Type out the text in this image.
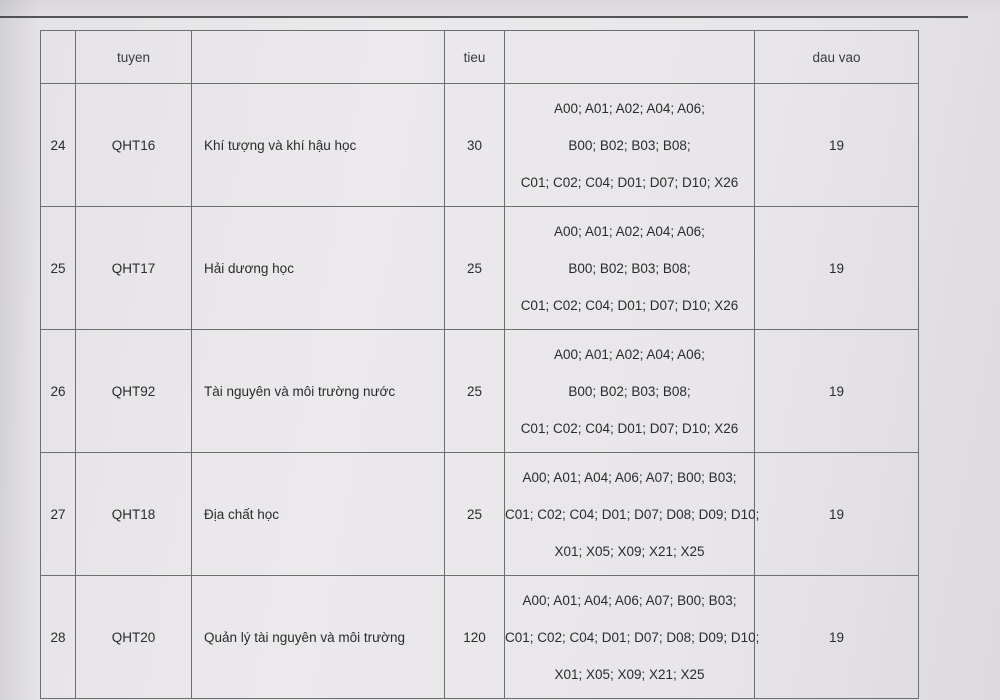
	tuyen		tieu		dau vao
24	QHT16	Khí tượng và khí hậu học	30	A00; A01; A02; A04; A06;
B00; B02; B03; B08;
C01; C02; C04; D01; D07; D10; X26	19
25	QHT17	Hải dương học	25	A00; A01; A02; A04; A06;
B00; B02; B03; B08;
C01; C02; C04; D01; D07; D10; X26	19
26	QHT92	Tài nguyên và môi trường nước	25	A00; A01; A02; A04; A06;
B00; B02; B03; B08;
C01; C02; C04; D01; D07; D10; X26	19
27	QHT18	Địa chất học	25	A00; A01; A04; A06; A07; B00; B03;
C01; C02; C04; D01; D07; D08; D09; D10;
X01; X05; X09; X21; X25	19
28	QHT20	Quản lý tài nguyên và môi trường	120	A00; A01; A04; A06; A07; B00; B03;
C01; C02; C04; D01; D07; D08; D09; D10;
X01; X05; X09; X21; X25	19
